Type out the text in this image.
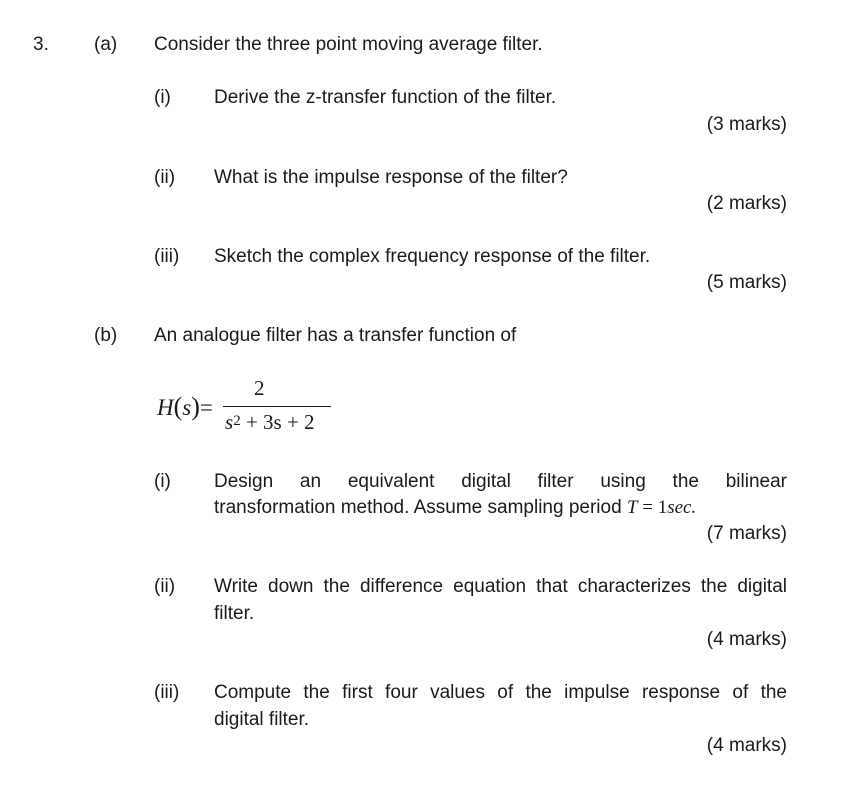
3. (a) Consider the three point moving average filter.
(i) Derive the z-transfer function of the filter.
(3 marks)
(ii) What is the impulse response of the filter?
(2 marks)
(iii) Sketch the complex frequency response of the filter.
(5 marks)
(b) An analogue filter has a transfer function of
H(s)=
2
$s^2 + 3s + 2$
(i) Design an equivalent digital filter using the bilinear
transformation method. Assume sampling period T = 1sec.
(7 marks)
(ii) Write down the difference equation that characterizes the digital
filter.
(4 marks)
(iii) Compute the first four values of the impulse response of the
digital filter.
(4 marks)
